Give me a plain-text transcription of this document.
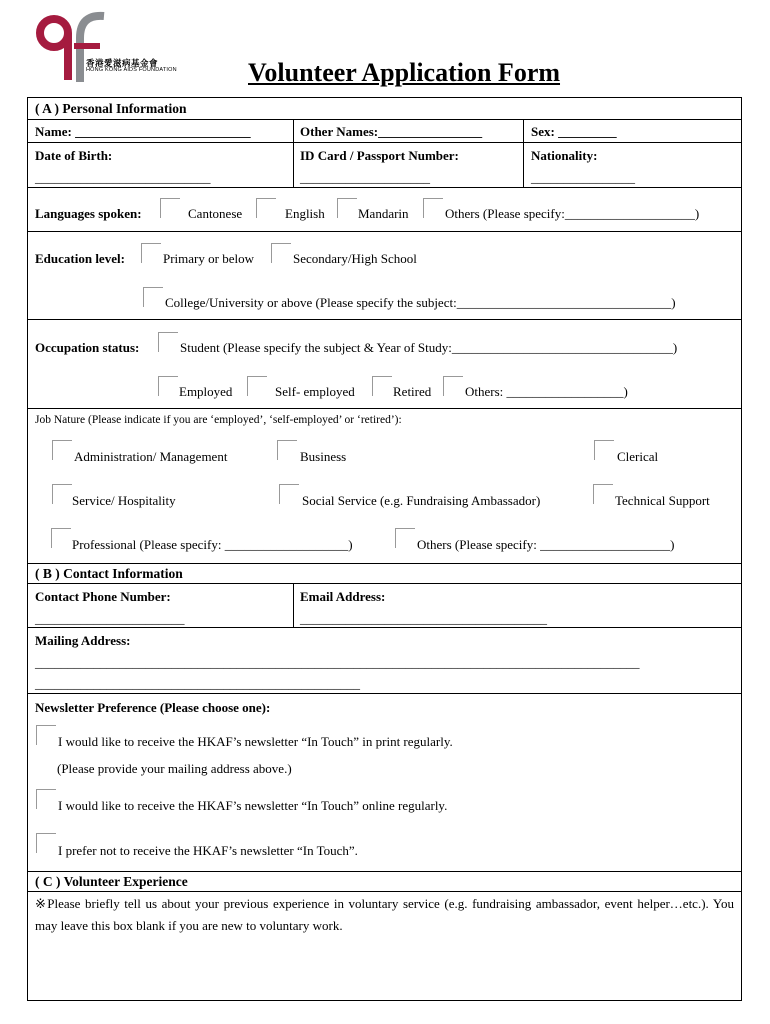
香港愛滋病基金會
HONG KONG AIDS FOUNDATION	Volunteer Application Form
( A ) Personal Information
Name: ___________________________	Other Names:________________	Sex: _________
Date of Birth:
___________________________
ID Card / Passport Number:
____________________
Nationality:
________________
Languages spoken:	Cantonese	English	Mandarin	Others (Please specify:____________________)
Education level:	Primary or below	Secondary/High School
College/University or above (Please specify the subject:_________________________________)
Occupation status:	Student (Please specify the subject & Year of Study:__________________________________)
Employed	Self- employed	Retired	Others: __________________)
Job Nature (Please indicate if you are ‘employed’, ‘self-employed’ or ‘retired’):
Administration/ Management	Business	Clerical
Service/ Hospitality	Social Service (e.g. Fundraising Ambassador)	Technical Support
Professional (Please specify: ___________________)	Others (Please specify: ____________________)
( B ) Contact Information
Contact Phone Number:
_______________________
Email Address:
______________________________________
Mailing Address:
_____________________________________________________________________________________________
__________________________________________________
Newsletter Preference (Please choose one):
I would like to receive the HKAF’s newsletter “In Touch” in print regularly.
(Please provide your mailing address above.)
I would like to receive the HKAF’s newsletter “In Touch” online regularly.
I prefer not to receive the HKAF’s newsletter “In Touch”.
( C ) Volunteer Experience
※Please briefly tell us about your previous experience in voluntary service (e.g. fundraising ambassador, event helper…etc.). You may leave this box blank if you are new to voluntary work.
